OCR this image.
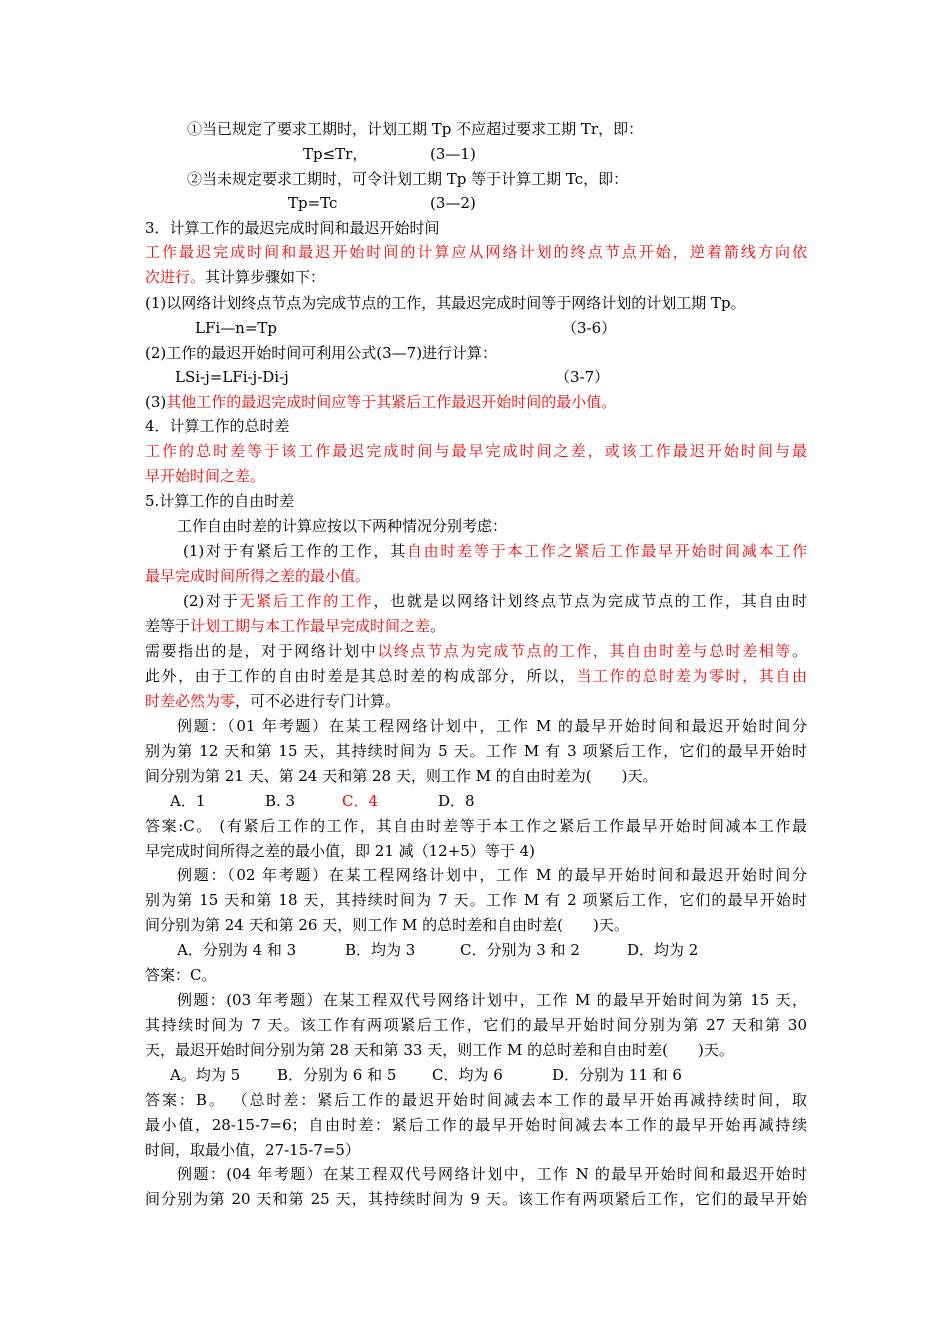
①当已规定了要求工期时，计划工期 Tp 不应超过要求工期 Tr，即：
Tp≤Tr，	(3—1)
②当未规定要求工期时，可令计划工期 Tp 等于计算工期 Tc，即：
Tp=Tc	(3—2)
3．计算工作的最迟完成时间和最迟开始时间
工作最迟完成时间和最迟开始时间的计算应从网络计划的终点节点开始，逆着箭线方向依
次进行。其计算步骤如下：
(1)以网络计划终点节点为完成节点的工作，其最迟完成时间等于网络计划的计划工期 Tp。
LFi—n=Tp	（3-6）
(2)工作的最迟开始时间可利用公式(3—7)进行计算：
LSi-j=LFi-j-Di-j	（3-7）
(3)其他工作的最迟完成时间应等于其紧后工作最迟开始时间的最小值。
4．计算工作的总时差
工作的总时差等于该工作最迟完成时间与最早完成时间之差，或该工作最迟开始时间与最
早开始时间之差。
5.计算工作的自由时差
工作自由时差的计算应按以下两种情况分别考虑：
(1)对于有紧后工作的工作，其自由时差等于本工作之紧后工作最早开始时间减本工作
最早完成时间所得之差的最小值。
(2)对于无紧后工作的工作，也就是以网络计划终点节点为完成节点的工作，其自由时
差等于计划工期与本工作最早完成时间之差。
需要指出的是，对于网络计划中以终点节点为完成节点的工作，其自由时差与总时差相等。
此外，由于工作的自由时差是其总时差的构成部分，所以，当工作的总时差为零时，其自由
时差必然为零，可不必进行专门计算。
例题：（01 年考题）在某工程网络计划中，工作 M 的最早开始时间和最迟开始时间分
别为第 12 天和第 15 天，其持续时间为 5 天。工作 M 有 3 项紧后工作，它们的最早开始时
间分别为第 21 天、第 24 天和第 28 天，则工作 M 的自由时差为(　　)天。
A．1	B. 3	C．4	D．8
答案:C。 (有紧后工作的工作，其自由时差等于本工作之紧后工作最早开始时间减本工作最
早完成时间所得之差的最小值，即 21 减（12+5）等于 4)
例题：（02 年考题）在某工程网络计划中，工作 M 的最早开始时间和最迟开始时间分
别为第 15 天和第 18 天，其持续时间为 7 天。工作 M 有 2 项紧后工作，它们的最早开始时
间分别为第 24 天和第 26 天，则工作 M 的总时差和自由时差(　　)天。
A．分别为 4 和 3	B．均为 3	C．分别为 3 和 2	D．均为 2
答案：C。
例题：(03 年考题）在某工程双代号网络计划中，工作 M 的最早开始时间为第 15 天，
其持续时间为 7 天。该工作有两项紧后工作，它们的最早开始时间分别为第 27 天和第 30
天，最迟开始时间分别为第 28 天和第 33 天，则工作 M 的总时差和自由时差(　　)天。
A。均为 5 B．分别为 6 和 5 C．均为 6	D．分别为 11 和 6
答案：B。 （总时差：紧后工作的最迟开始时间减去本工作的最早开始再减持续时间，取
最小值，28-15-7=6；自由时差：紧后工作的最早开始时间减去本工作的最早开始再减持续
时间，取最小值，27-15-7=5）
例题：(04 年考题）在某工程双代号网络计划中，工作 N 的最早开始时间和最迟开始时
间分别为第 20 天和第 25 天，其持续时间为 9 天。该工作有两项紧后工作，它们的最早开始
